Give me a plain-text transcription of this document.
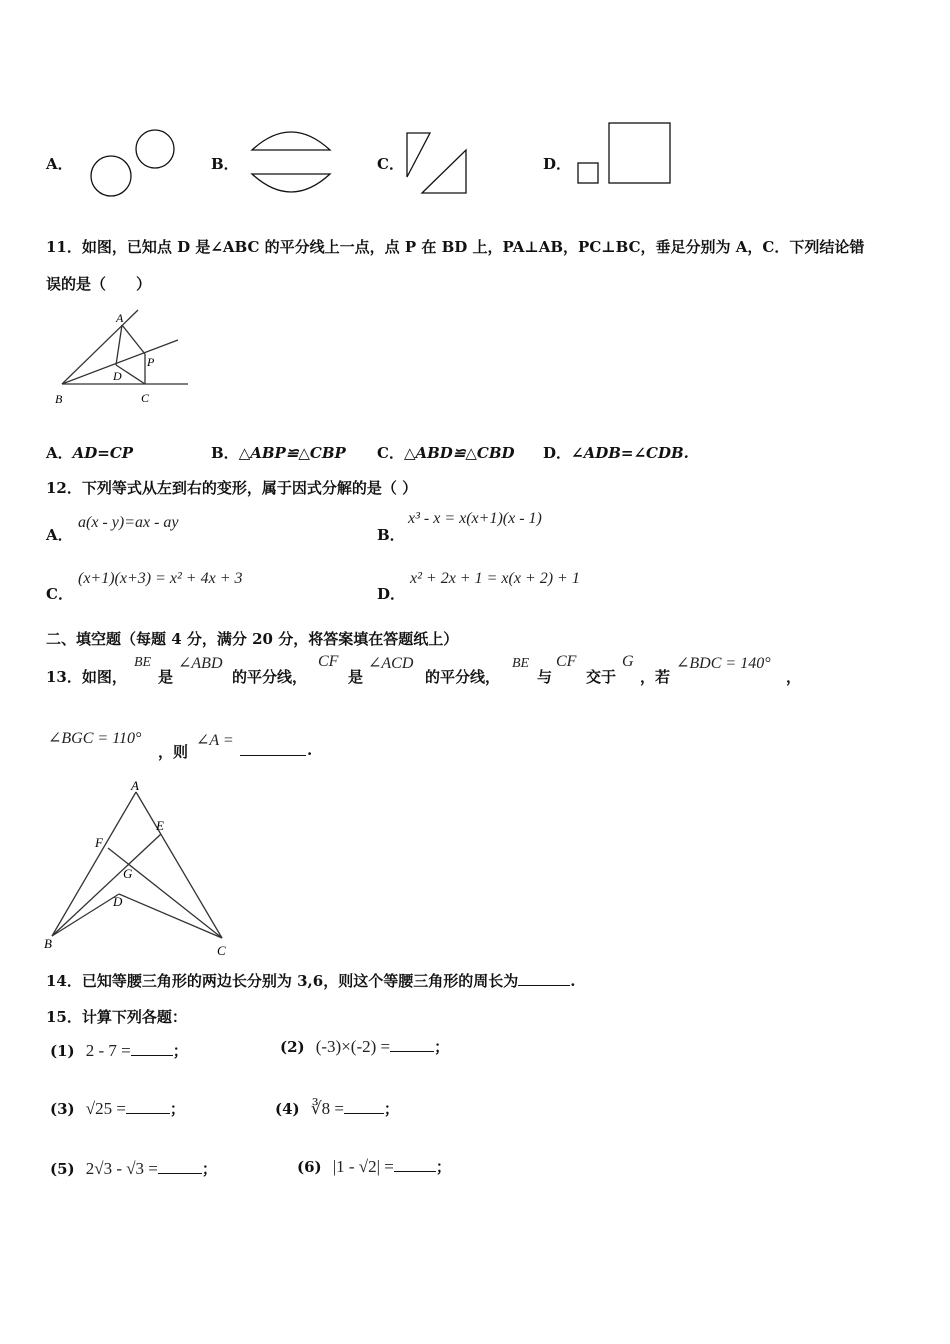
A．	B．	C．	D．
11．如图，已知点 D 是∠ABC 的平分线上一点，点 P 在 BD 上，PA⊥AB，PC⊥BC，垂足分别为 A，C．下列结论错
误的是（　　）
A
B	C
D
P
A．AD=CP	B．△ABP≌△CBP C．△ABD≌△CBD D．∠ADB=∠CDB.
12．下列等式从左到右的变形，属于因式分解的是（ ）
A．
a(x - y)=ax - ay
B．
x³ - x = x(x+1)(x - 1)
C．
(x+1)(x+3) = x² + 4x + 3
D．
x² + 2x + 1 = x(x + 2) + 1
二、填空题（每题 4 分，满分 20 分，将答案填在答题纸上）
13．如图，
BE
是
∠ABD
的平分线，
CF
是
∠ACD
的平分线，
BE
与
CF
交于
G
，若
∠BDC = 140°
，
∠BGC = 110°
，则
∠A =
.
A
B	C
D
E
F
G
14．已知等腰三角形的两边长分别为 3,6，则这个等腰三角形的周长为	.
15．计算下列各题：
(1) 2 - 7 =	；	(2) (-3)×(-2) =	；
(3) √25 =	；	(4) ∛8 =	；
(5) 2√3 - √3 =	；	(6) |1 - √2| =	；
